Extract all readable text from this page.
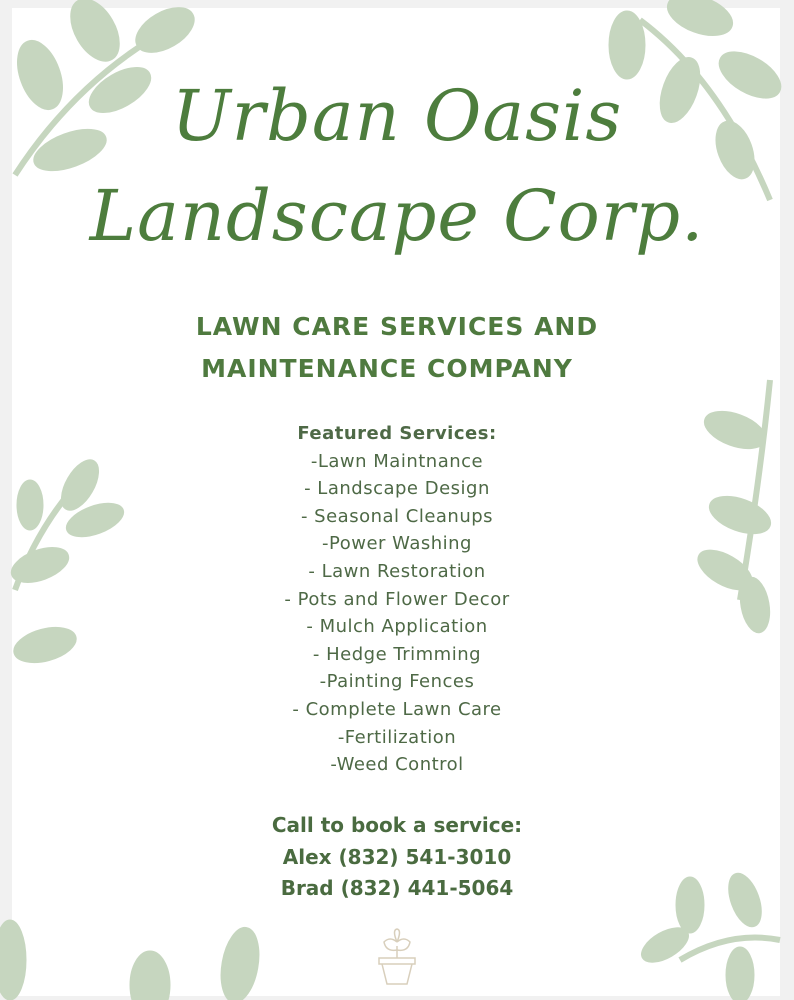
Urban Oasis
Landscape Corp.
LAWN CARE SERVICES AND
MAINTENANCE COMPANY
Featured Services:
-Lawn Maintnance
- Landscape Design
- Seasonal Cleanups
-Power Washing
- Lawn Restoration
- Pots and Flower Decor
- Mulch Application
- Hedge Trimming
-Painting Fences
- Complete Lawn Care
-Fertilization
-Weed Control
Call to book a service:
Alex (832) 541-3010
Brad (832) 441-5064
